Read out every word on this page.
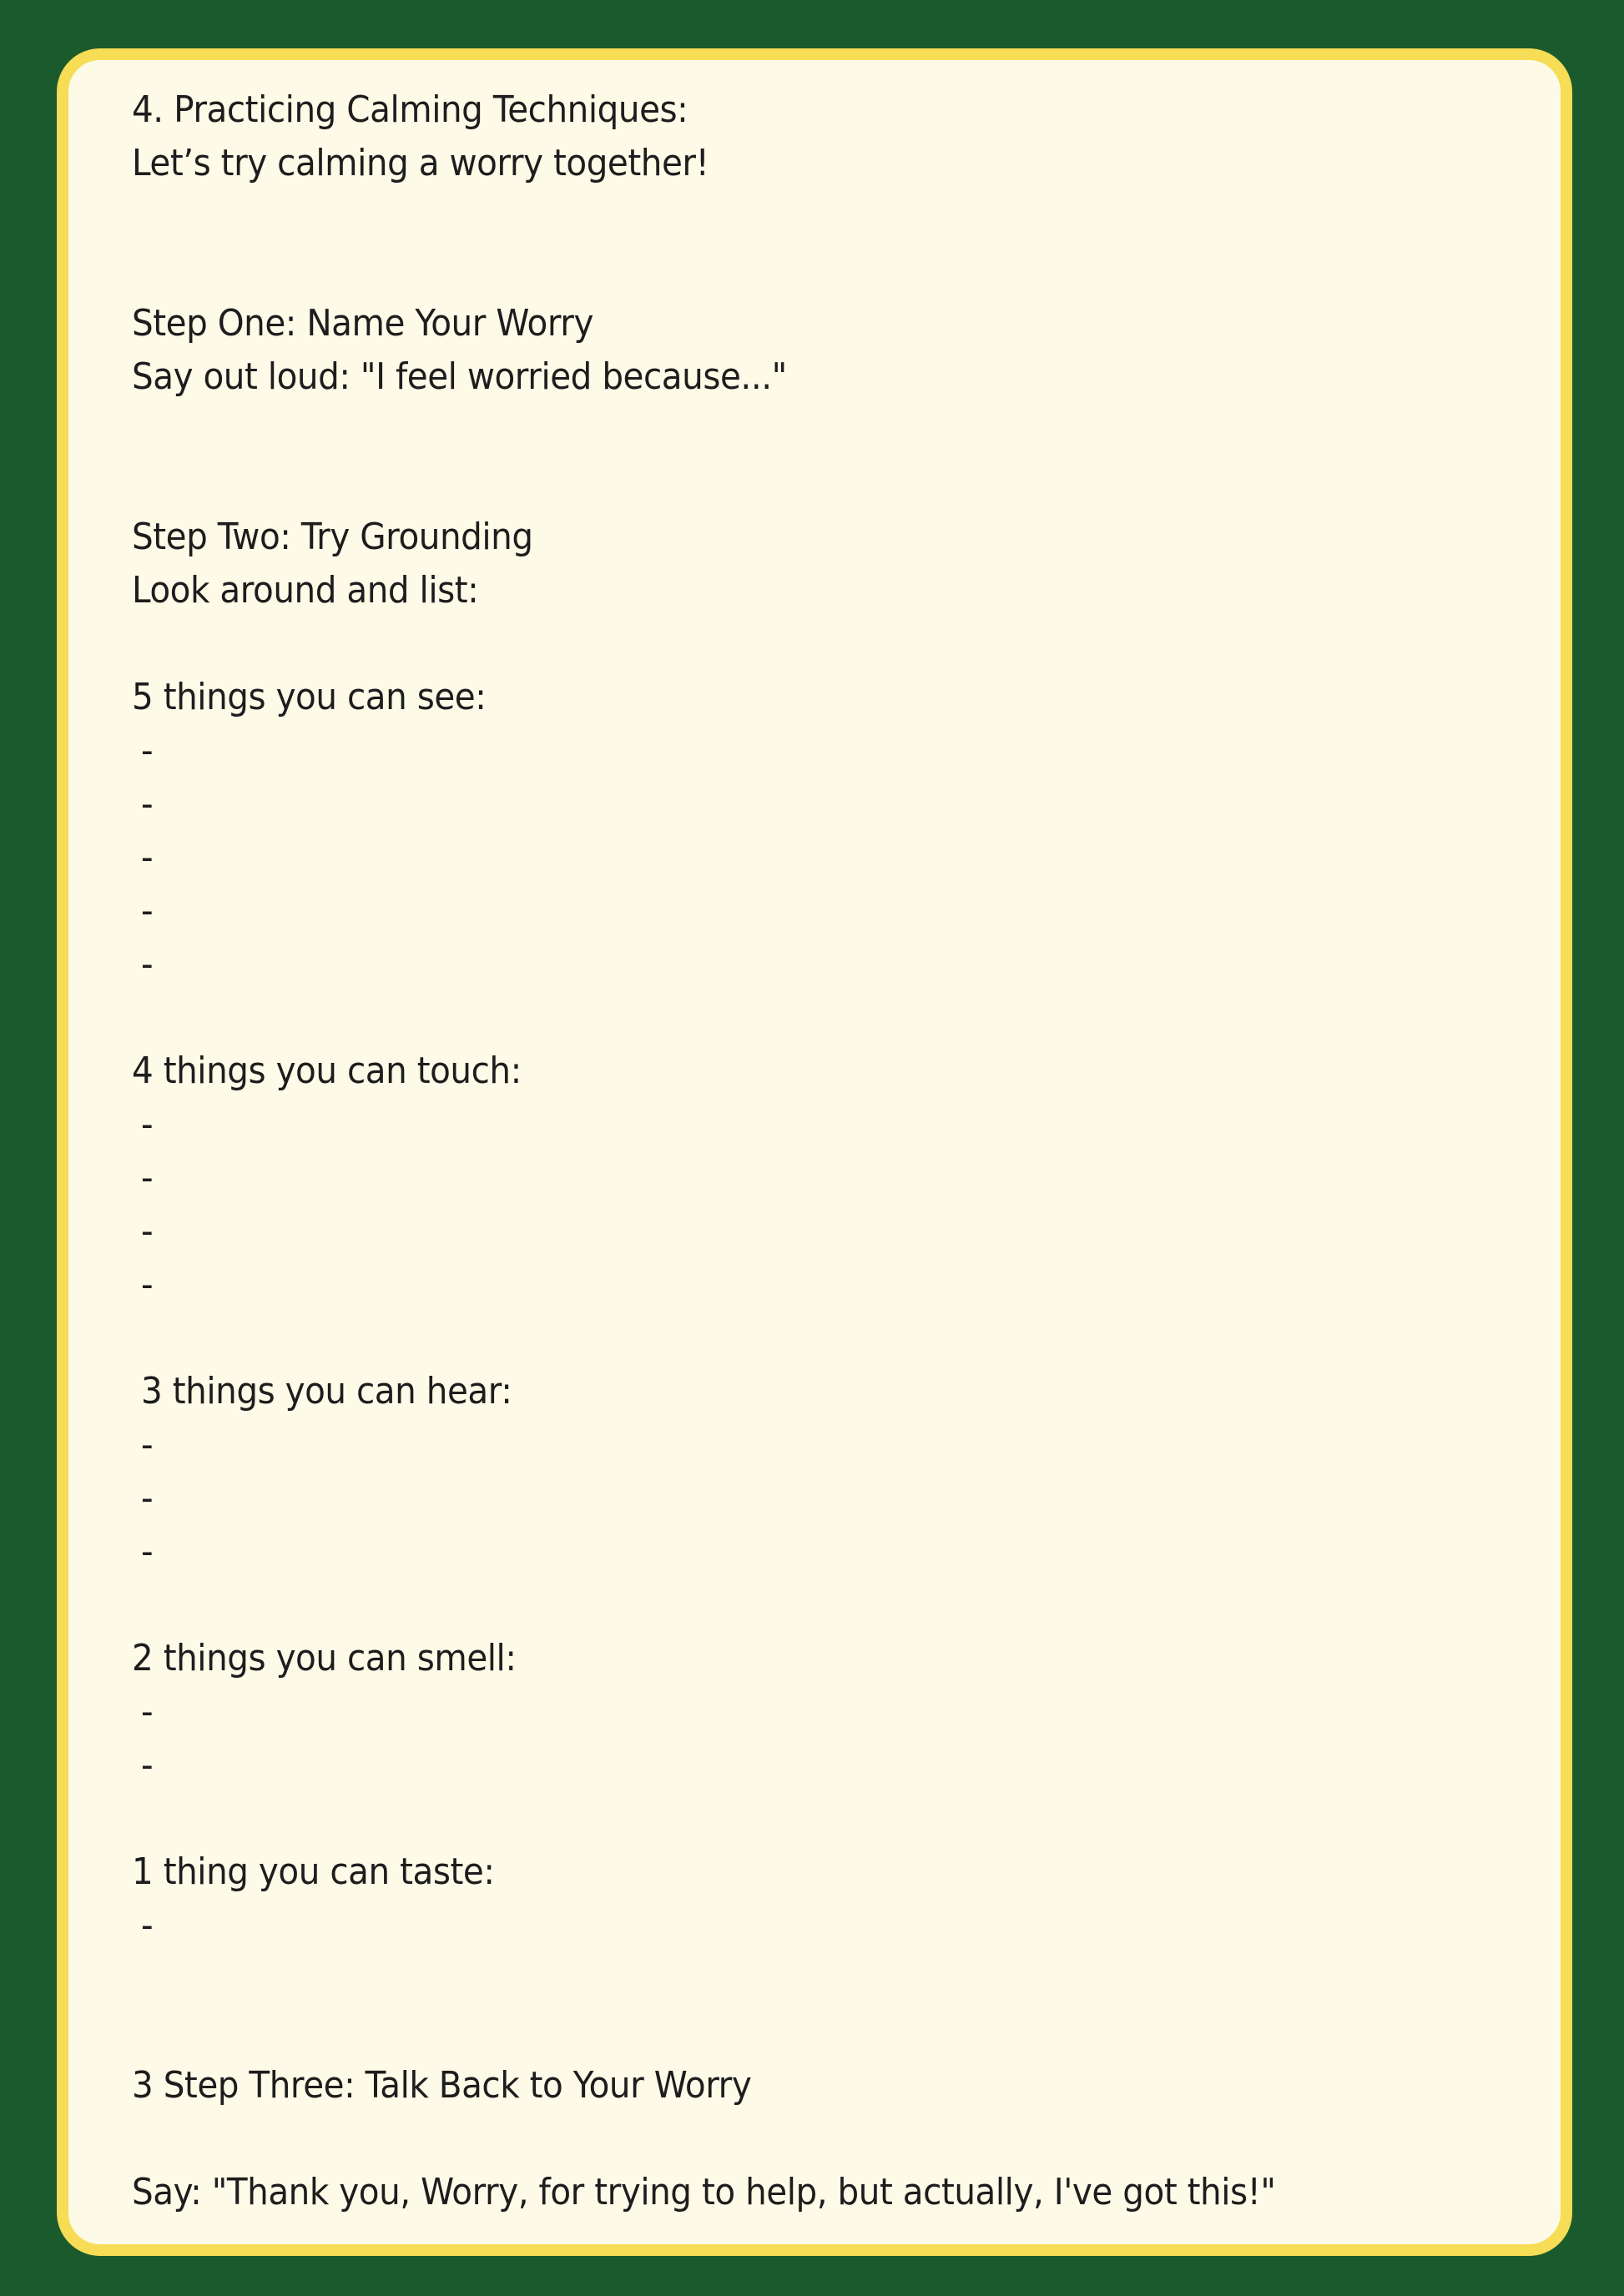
4. Practicing Calming Techniques:
Let’s try calming a worry together!
Step One: Name Your Worry
Say out loud: "I feel worried because..."
Step Two: Try Grounding
Look around and list:
5 things you can see:
-
-
-
-
-
4 things you can touch:
-
-
-
-
3 things you can hear:
-
-
-
2 things you can smell:
-
-
1 thing you can taste:
-
3 Step Three: Talk Back to Your Worry
Say: "Thank you, Worry, for trying to help, but actually, I've got this!"
